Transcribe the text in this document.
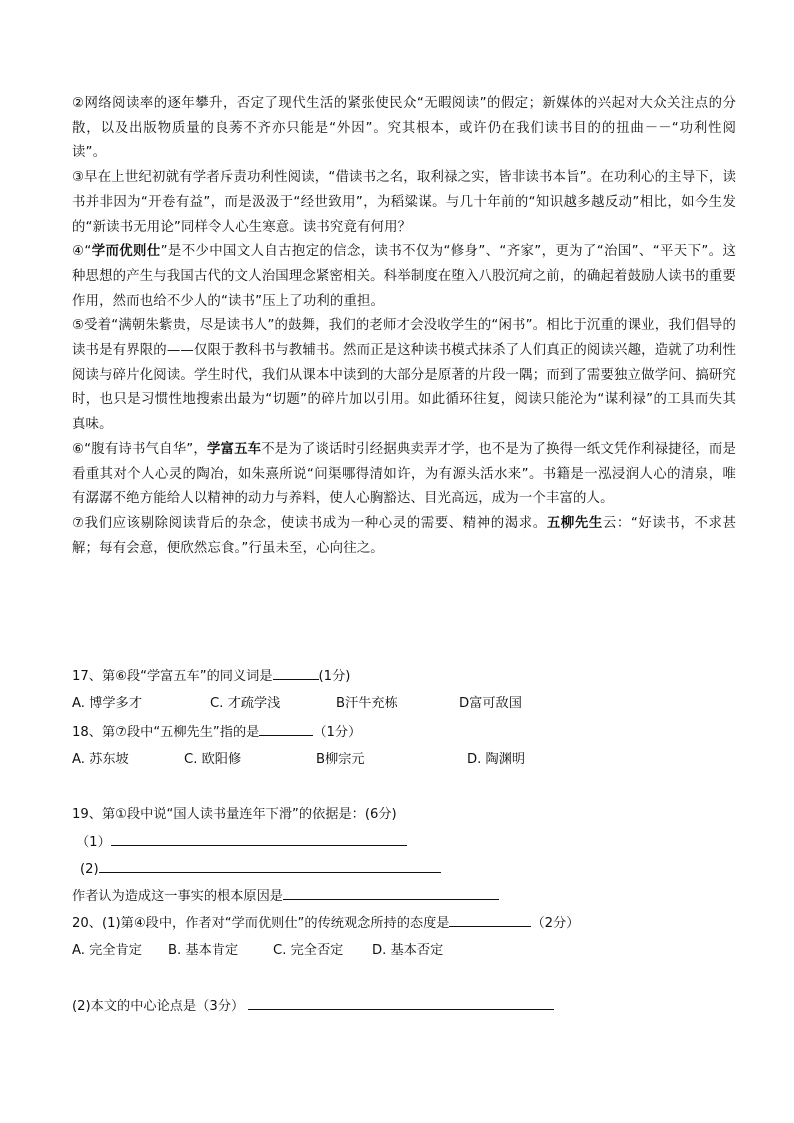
②网络阅读率的逐年攀升，否定了现代生活的紧张使民众“无暇阅读”的假定；新媒体的兴起对大众关注点的分散，以及出版物质量的良莠不齐亦只能是“外因”。究其根本，或许仍在我们读书目的的扭曲－－“功利性阅读”。

③早在上世纪初就有学者斥责功利性阅读，“借读书之名，取利禄之实，皆非读书本旨”。在功利心的主导下，读书并非因为“开卷有益”，而是汲汲于“经世致用”，为稻粱谋。与几十年前的“知识越多越反动”相比，如今生发的“新读书无用论”同样令人心生寒意。读书究竟有何用？

④“学而优则仕”是不少中国文人自古抱定的信念，读书不仅为“修身”、“齐家”，更为了“治国”、“平天下”。这种思想的产生与我国古代的文人治国理念紧密相关。科举制度在堕入八股沉疴之前，的确起着鼓励人读书的重要作用，然而也给不少人的“读书”压上了功利的重担。

⑤受着“满朝朱紫贵，尽是读书人”的鼓舞，我们的老师才会没收学生的“闲书”。相比于沉重的课业，我们倡导的读书是有界限的——仅限于教科书与教辅书。然而正是这种读书模式抹杀了人们真正的阅读兴趣，造就了功利性阅读与碎片化阅读。学生时代，我们从课本中读到的大部分是原著的片段一隅；而到了需要独立做学问、搞研究时，也只是习惯性地搜索出最为“切题”的碎片加以引用。如此循环往复，阅读只能沦为“谋利禄”的工具而失其真味。

⑥“腹有诗书气自华”，学富五车不是为了谈话时引经据典卖弄才学，也不是为了换得一纸文凭作利禄捷径，而是看重其对个人心灵的陶冶，如朱熹所说“问渠哪得清如许，为有源头活水来”。书籍是一泓浸润人心的清泉，唯有潺潺不绝方能给人以精神的动力与养料，使人心胸豁达、目光高远，成为一个丰富的人。

⑦我们应该剔除阅读背后的杂念，使读书成为一种心灵的需要、精神的渴求。五柳先生云：“好读书，不求甚解；每有会意，便欣然忘食。”行虽未至，心向往之。

17、第⑥段“学富五车”的同义词是	(1分)
A. 博学多才	C. 才疏学浅	B汗牛充栋	D富可敌国
18、第⑦段中“五柳先生”指的是	（1分）
A. 苏东坡	C. 欧阳修	B柳宗元	D. 陶渊明
19、第①段中说“国人读书量连年下滑”的依据是：(6分)
（1）
(2)
作者认为造成这一事实的根本原因是
20、(1)第④段中，作者对“学而优则仕”的传统观念所持的态度是	（2分）
A. 完全肯定 B. 基本肯定	C. 完全否定 D. 基本否定
(2)本文的中心论点是（3分）
